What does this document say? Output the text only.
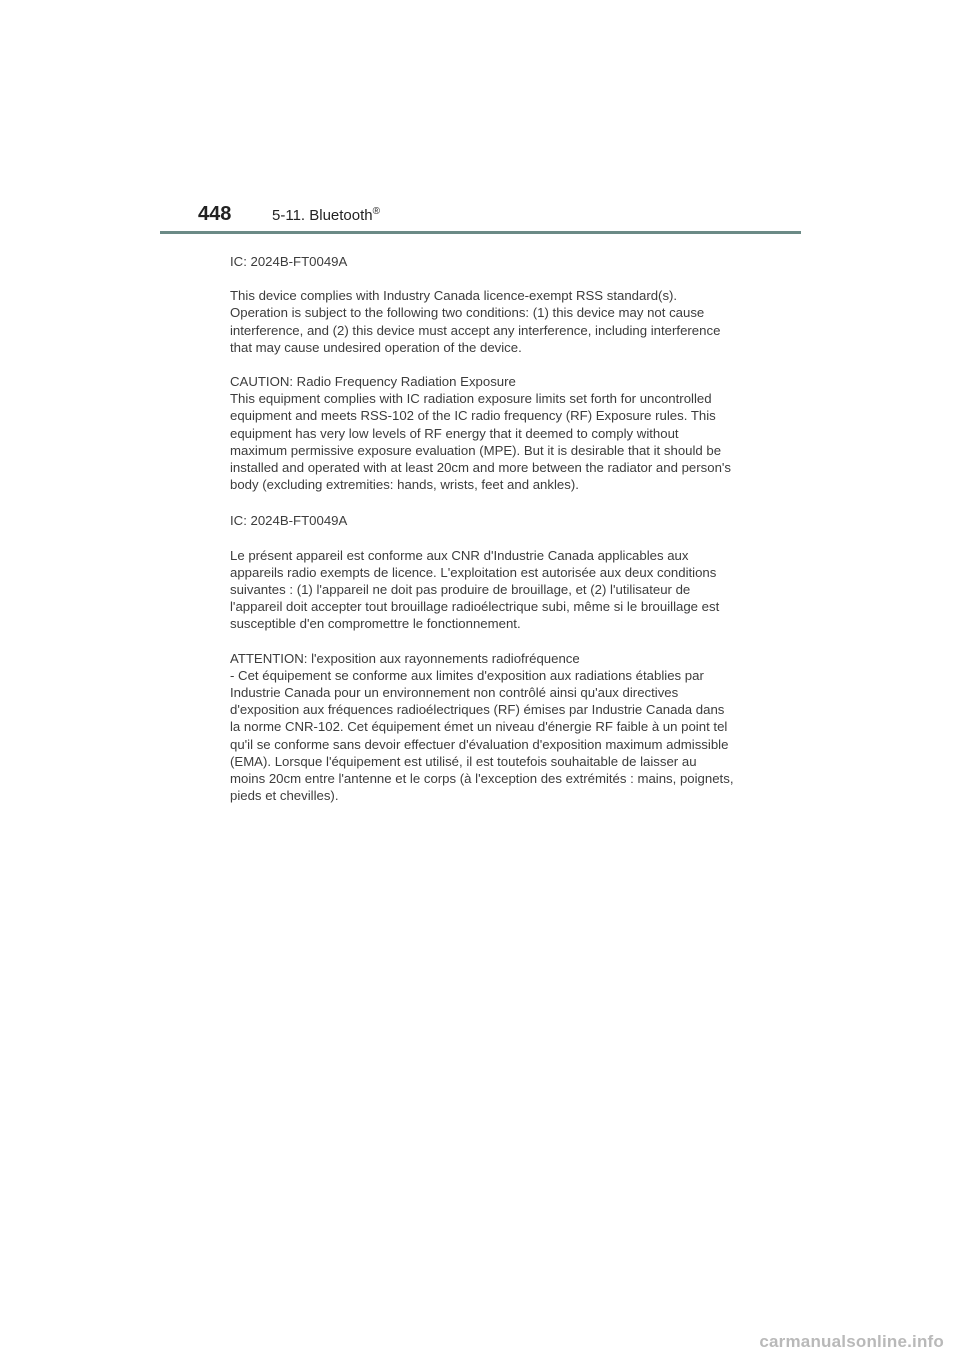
448	5-11. Bluetooth®

IC: 2024B-FT0049A

This device complies with Industry Canada licence-exempt RSS standard(s).

Operation is subject to the following two conditions: (1) this device may not cause

interference, and (2) this device must accept any interference, including interference

that may cause undesired operation of the device.

CAUTION: Radio Frequency Radiation Exposure

This equipment complies with IC radiation exposure limits set forth for uncontrolled

equipment and meets RSS-102 of the IC radio frequency (RF) Exposure rules. This

equipment has very low levels of RF energy that it deemed to comply without

maximum permissive exposure evaluation (MPE). But it is desirable that it should be

installed and operated with at least 20cm and more between the radiator and person's

body (excluding extremities: hands, wrists, feet and ankles).

IC: 2024B-FT0049A

Le présent appareil est conforme aux CNR d'Industrie Canada applicables aux

appareils radio exempts de licence. L'exploitation est autorisée aux deux conditions

suivantes : (1) l'appareil ne doit pas produire de brouillage, et (2) l'utilisateur de

l'appareil doit accepter tout brouillage radioélectrique subi, même si le brouillage est

susceptible d'en compromettre le fonctionnement.

ATTENTION: l'exposition aux rayonnements radiofréquence

- Cet équipement se conforme aux limites d'exposition aux radiations établies par

Industrie Canada pour un environnement non contrôlé ainsi qu'aux directives

d'exposition aux fréquences radioélectriques (RF) émises par Industrie Canada dans

la norme CNR-102. Cet équipement émet un niveau d'énergie RF faible à un point tel

qu'il se conforme sans devoir effectuer d'évaluation d'exposition maximum admissible

(EMA). Lorsque l'équipement est utilisé, il est toutefois souhaitable de laisser au

moins 20cm entre l'antenne et le corps (à l'exception des extrémités : mains, poignets,

pieds et chevilles).

carmanualsonline.info
